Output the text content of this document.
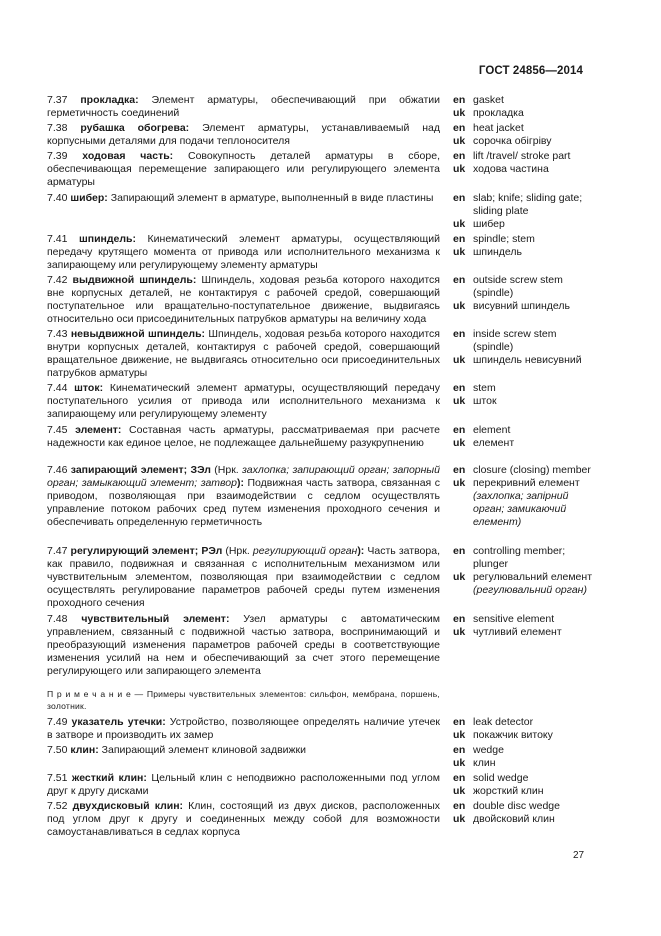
ГОСТ 24856—2014
7.37 прокладка: Элемент арматуры, обеспечивающий при обжатии герметичность соединений
en gasket
uk прокладка
7.38 рубашка обогрева: Элемент арматуры, устанавливаемый над корпусными деталями для подачи теплоносителя
en heat jacket
uk сорочка обігріву
7.39 ходовая часть: Совокупность деталей арматуры в сборе, обеспечивающая перемещение запирающего или регулирующего элемента арматуры
en lift /travel/ stroke part
uk ходова частина
7.40 шибер: Запирающий элемент в арматуре, выполненный в виде пластины	en slab; knife; sliding gate; sliding plate
uk шибер
7.41 шпиндель: Кинематический элемент арматуры, осуществляющий передачу крутящего момента от привода или исполнительного механизма к запирающему или регулирующему элементу арматуры
en spindle; stem
uk шпиндель
7.42 выдвижной шпиндель: Шпиндель, ходовая резьба которого находится вне корпусных деталей, не контактируя с рабочей средой, совершающий поступательное или вращательно-поступательное движение, выдвигаясь относительно оси присоединительных патрубков арматуры на величину хода
en outside screw stem (spindle)
uk висувний шпиндель
7.43 невыдвижной шпиндель: Шпиндель, ходовая резьба которого находится внутри корпусных деталей, контактируя с рабочей средой, совершающий вращательное движение, не выдвигаясь относительно оси присоединительных патрубков арматуры
en inside screw stem (spindle)
uk шпиндель невисувний
7.44 шток: Кинематический элемент арматуры, осуществляющий передачу поступательного усилия от привода или исполнительного механизма к запирающему или регулирующему элементу
en stem
uk шток
7.45 элемент: Составная часть арматуры, рассматриваемая при расчете надежности как единое целое, не подлежащее дальнейшему разукрупнению
en element
uk елемент
7.46 запирающий элемент; ЗЭл (Нрк. захлопка; запирающий орган; запорный орган; замыкающий элемент; затвор): Подвижная часть затвора, связанная с приводом, позволяющая при взаимодействии с седлом осуществлять управление потоком рабочих сред путем изменения проходного сечения и обеспечивать определенную герметичность
en closure (closing) member
uk перекривний елемент (захлопка; запірний орган; замикаючий елемент)
7.47 регулирующий элемент; РЭл (Нрк. регулирующий орган): Часть затвора, как правило, подвижная и связанная с исполнительным механизмом или чувствительным элементом, позволяющая при взаимодействии с седлом осуществлять регулирование параметров рабочей среды путем изменения проходного сечения
en controlling member; plunger
uk регулювальний елемент (регулювальний орган)
7.48 чувствительный элемент: Узел арматуры с автоматическим управлением, связанный с подвижной частью затвора, воспринимающий и преобразующий изменения параметров рабочей среды в соответствующие изменения усилий на нем и обеспечивающий за счет этого перемещение регулирующего или запирающего элемента
en sensitive element
uk чутливий елемент
7.49 указатель утечки: Устройство, позволяющее определять наличие утечек в затворе и производить их замер
en leak detector
uk покажчик витоку
7.50 клин: Запирающий элемент клиновой задвижки	en wedge
uk клин
7.51 жесткий клин: Цельный клин с неподвижно расположенными под углом друг к другу дисками
en solid wedge
uk жорсткий клин
7.52 двухдисковый клин: Клин, состоящий из двух дисков, расположенных под углом друг к другу и соединенных между собой для возможности самоустанавливаться в седлах корпуса
en double disc wedge
uk двойсковий клин
П р и м е ч а н и е — Примеры чувствительных элементов: сильфон, мембрана, поршень, золотник.
27
